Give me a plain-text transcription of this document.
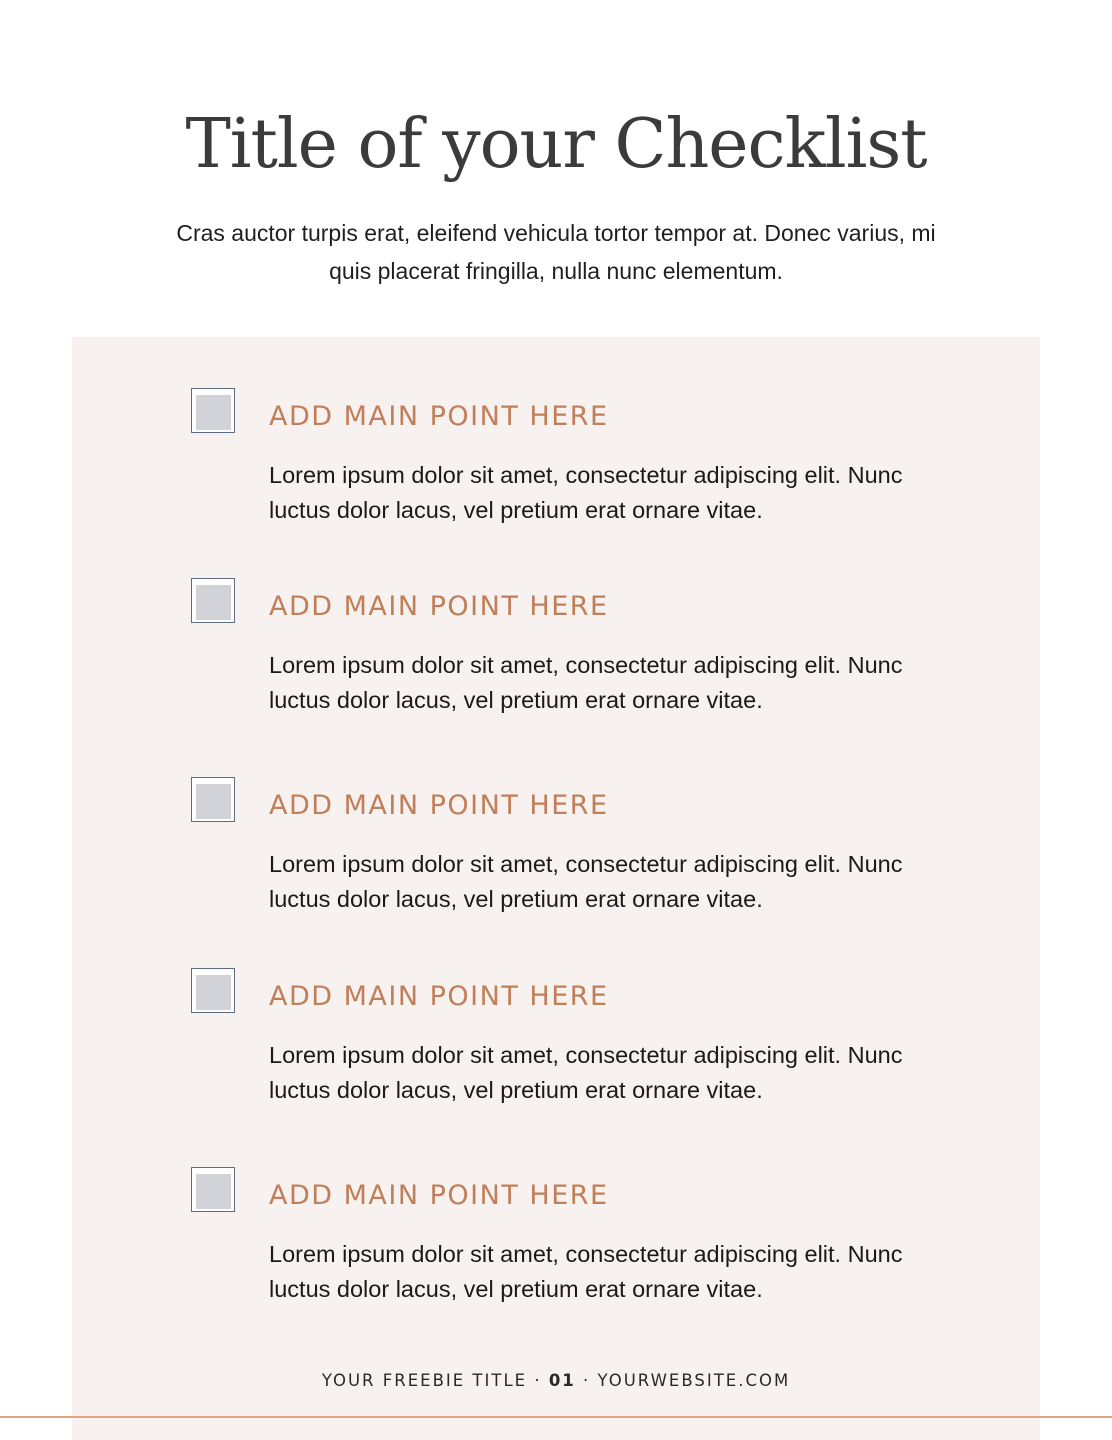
Title of your Checklist

Cras auctor turpis erat, eleifend vehicula tortor tempor at. Donec varius, mi quis placerat fringilla, nulla nunc elementum.

ADD MAIN POINT HERE

Lorem ipsum dolor sit amet, consectetur adipiscing elit. Nunc luctus dolor lacus, vel pretium erat ornare vitae.

ADD MAIN POINT HERE

Lorem ipsum dolor sit amet, consectetur adipiscing elit. Nunc luctus dolor lacus, vel pretium erat ornare vitae.

ADD MAIN POINT HERE

Lorem ipsum dolor sit amet, consectetur adipiscing elit. Nunc luctus dolor lacus, vel pretium erat ornare vitae.

ADD MAIN POINT HERE

Lorem ipsum dolor sit amet, consectetur adipiscing elit. Nunc luctus dolor lacus, vel pretium erat ornare vitae.

ADD MAIN POINT HERE

Lorem ipsum dolor sit amet, consectetur adipiscing elit. Nunc luctus dolor lacus, vel pretium erat ornare vitae.

YOUR FREEBIE TITLE · 01 · YOURWEBSITE.COM
